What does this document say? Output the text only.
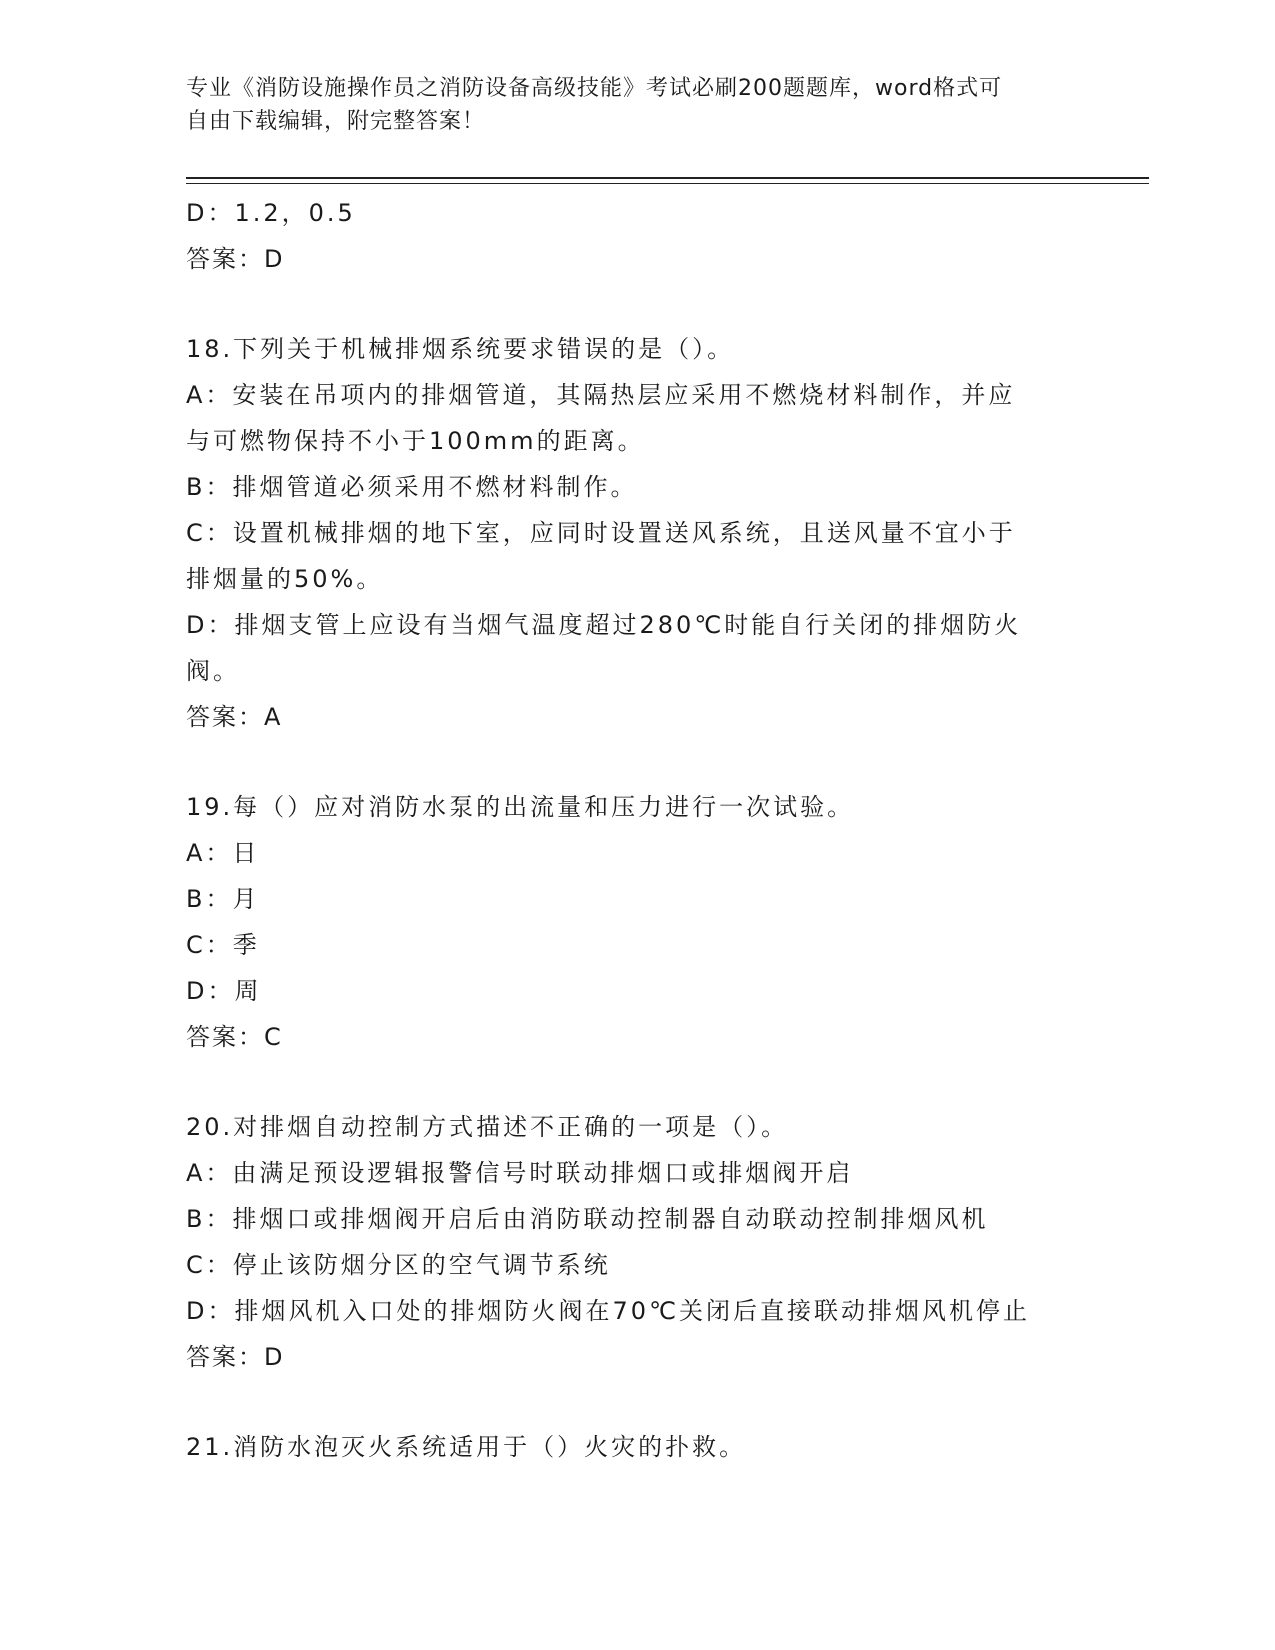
专业《消防设施操作员之消防设备高级技能》考试必刷200题题库，word格式可
自由下载编辑，附完整答案！

D：1.2，0.5

答案：D

18.下列关于机械排烟系统要求错误的是（）。

A：安装在吊项内的排烟管道，其隔热层应采用不燃烧材料制作，并应

与可燃物保持不小于100mm的距离。

B：排烟管道必须采用不燃材料制作。

C：设置机械排烟的地下室，应同时设置送风系统，且送风量不宜小于

排烟量的50%。

D：排烟支管上应设有当烟气温度超过280℃时能自行关闭的排烟防火

阀。

答案：A

19.每（）应对消防水泵的出流量和压力进行一次试验。

A：日

B：月

C：季

D：周

答案：C

20.对排烟自动控制方式描述不正确的一项是（）。

A：由满足预设逻辑报警信号时联动排烟口或排烟阀开启

B：排烟口或排烟阀开启后由消防联动控制器自动联动控制排烟风机

C：停止该防烟分区的空气调节系统

D：排烟风机入口处的排烟防火阀在70℃关闭后直接联动排烟风机停止

答案：D

21.消防水泡灭火系统适用于（）火灾的扑救。
